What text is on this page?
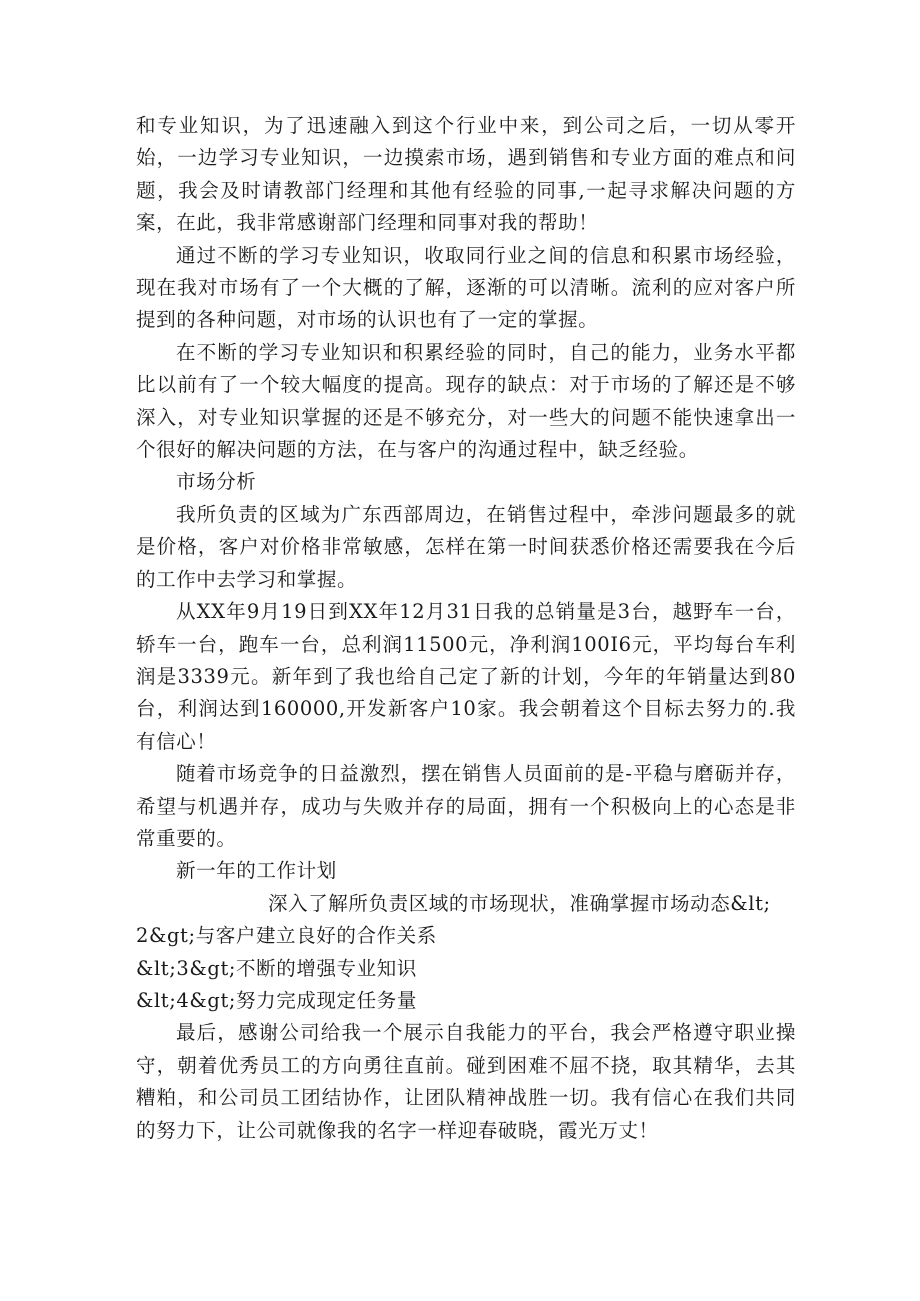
和专业知识，为了迅速融入到这个行业中来，到公司之后，一切从零开始，一边学习专业知识，一边摸索市场，遇到销售和专业方面的难点和问题，我会及时请教部门经理和其他有经验的同事,一起寻求解决问题的方案，在此，我非常感谢部门经理和同事对我的帮助！

通过不断的学习专业知识，收取同行业之间的信息和积累市场经验，现在我对市场有了一个大概的了解，逐渐的可以清晰。流利的应对客户所提到的各种问题，对市场的认识也有了一定的掌握。

在不断的学习专业知识和积累经验的同时，自己的能力，业务水平都比以前有了一个较大幅度的提高。现存的缺点：对于市场的了解还是不够深入，对专业知识掌握的还是不够充分，对一些大的问题不能快速拿出一个很好的解决问题的方法，在与客户的沟通过程中，缺乏经验。

市场分析

我所负责的区域为广东西部周边，在销售过程中，牵涉问题最多的就是价格，客户对价格非常敏感，怎样在第一时间获悉价格还需要我在今后的工作中去学习和掌握。

从XX年9月19日到XX年12月31日我的总销量是3台，越野车一台，轿车一台，跑车一台，总利润11500元，净利润100I6元，平均每台车利润是3339元。新年到了我也给自己定了新的计划，今年的年销量达到80台，利润达到160000,开发新客户10家。我会朝着这个目标去努力的.我有信心！

随着市场竞争的日益激烈，摆在销售人员面前的是-平稳与磨砺并存，希望与机遇并存，成功与失败并存的局面，拥有一个积极向上的心态是非常重要的。

新一年的工作计划

深入了解所负责区域的市场现状，准确掌握市场动态&lt;

2&gt;与客户建立良好的合作关系

&lt;3&gt;不断的增强专业知识

&lt;4&gt;努力完成现定任务量

最后，感谢公司给我一个展示自我能力的平台，我会严格遵守职业操守，朝着优秀员工的方向勇往直前。碰到困难不屈不挠，取其精华，去其糟粕，和公司员工团结协作，让团队精神战胜一切。我有信心在我们共同的努力下，让公司就像我的名字一样迎春破晓，霞光万丈！
